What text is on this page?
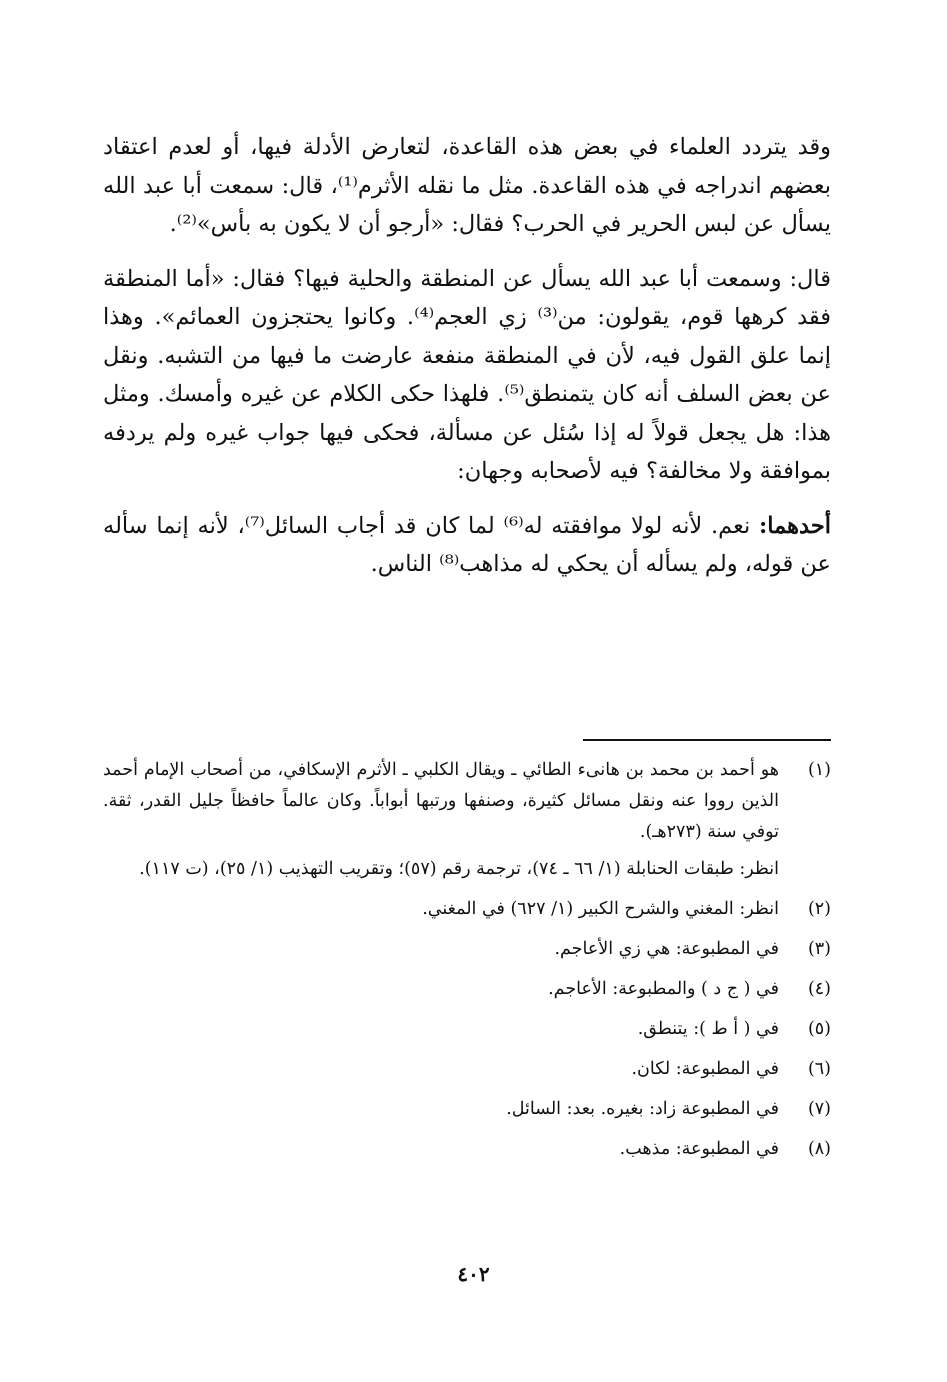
وقد يتردد العلماء في بعض هذه القاعدة، لتعارض الأدلة فيها، أو لعدم اعتقاد بعضهم اندراجه في هذه القاعدة. مثل ما نقله الأثرم⁽¹⁾، قال: سمعت أبا عبد الله يسأل عن لبس الحرير في الحرب؟ فقال: «أرجو أن لا يكون به بأس»⁽²⁾.

قال: وسمعت أبا عبد الله يسأل عن المنطقة والحلية فيها؟ فقال: «أما المنطقة فقد كرهها قوم، يقولون: من⁽³⁾ زي العجم⁽⁴⁾. وكانوا يحتجزون العمائم». وهذا إنما علق القول فيه، لأن في المنطقة منفعة عارضت ما فيها من التشبه. ونقل عن بعض السلف أنه كان يتمنطق⁽⁵⁾. فلهذا حكى الكلام عن غيره وأمسك. ومثل هذا: هل يجعل قولاً له إذا سُئل عن مسألة، فحكى فيها جواب غيره ولم يردفه بموافقة ولا مخالفة؟ فيه لأصحابه وجهان:

أحدهما: نعم. لأنه لولا موافقته له⁽⁶⁾ لما كان قد أجاب السائل⁽⁷⁾، لأنه إنما سأله عن قوله، ولم يسأله أن يحكي له مذاهب⁽⁸⁾ الناس.

(١)

هو أحمد بن محمد بن هانىء الطائي ـ ويقال الكلبي ـ الأثرم الإسكافي، من أصحاب الإمام أحمد الذين رووا عنه ونقل مسائل كثيرة، وصنفها ورتبها أبواباً. وكان عالماً حافظاً جليل القدر، ثقة. توفي سنة (٢٧٣هـ).

انظر: طبقات الحنابلة (١/ ٦٦ ـ ٧٤)، ترجمة رقم (٥٧)؛ وتقريب التهذيب (١/ ٢٥)، (ت ١١٧).

(٢)

انظر: المغني والشرح الكبير (١/ ٦٢٧) في المغني.

(٣)

في المطبوعة: هي زي الأعاجم.

(٤)

في ( ج د ) والمطبوعة: الأعاجم.

(٥)

في ( أ ط ): يتنطق.

(٦)

في المطبوعة: لكان.

(٧)

في المطبوعة زاد: بغيره. بعد: السائل.

(٨)

في المطبوعة: مذهب.

٤٠٢
